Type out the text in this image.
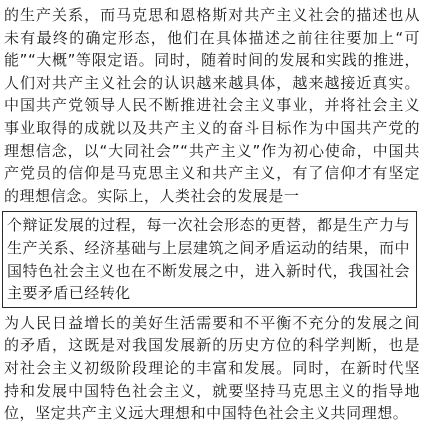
的生产关系，而马克思和恩格斯对共产主义社会的描述也从未有最终的确定形态，他们在具体描述之前往往要加上“可能”“大概”等限定语。同时，随着时间的发展和实践的推进，人们对共产主义社会的认识越来越具体，越来越接近真实。中国共产党领导人民不断推进社会主义事业，并将社会主义事业取得的成就以及共产主义的奋斗目标作为中国共产党的理想信念，以“大同社会”“共产主义”作为初心使命，中国共产党员的信仰是马克思主义和共产主义，有了信仰才有坚定的理想信念。实际上，人类社会的发展是一

个辩证发展的过程，每一次社会形态的更替，都是生产力与生产关系、经济基础与上层建筑之间矛盾运动的结果，而中国特色社会主义也在不断发展之中，进入新时代，我国社会主要矛盾已经转化

为人民日益增长的美好生活需要和不平衡不充分的发展之间的矛盾，这既是对我国发展新的历史方位的科学判断，也是对社会主义初级阶段理论的丰富和发展。同时，在新时代坚持和发展中国特色社会主义，就要坚持马克思主义的指导地位，坚定共产主义远大理想和中国特色社会主义共同理想。
